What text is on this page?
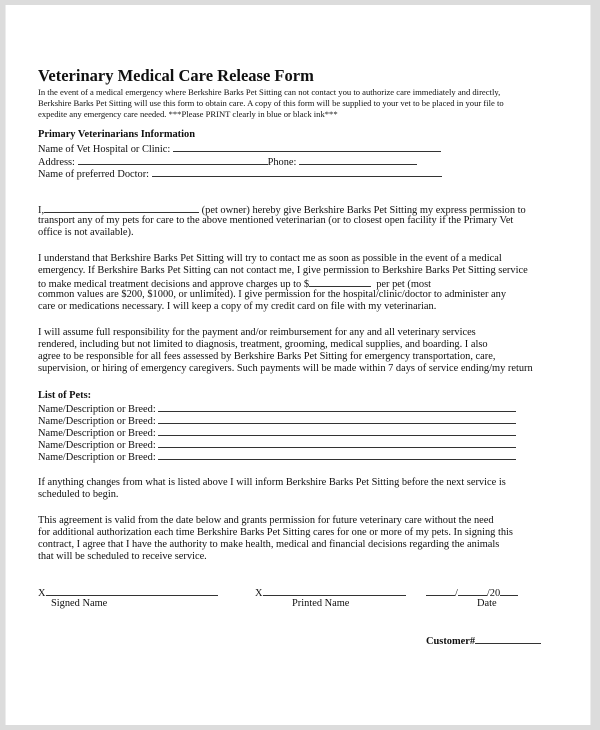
Veterinary Medical Care Release Form
In the event of a medical emergency where Berkshire Barks Pet Sitting can not contact you to authorize care immediately and directly,
Berkshire Barks Pet Sitting will use this form to obtain care. A copy of this form will be supplied to your vet to be placed in your file to
expedite any emergency care needed. ***Please PRINT clearly in blue or black ink***
Primary Veterinarians Information
Name of Vet Hospital or Clinic:
Address:	Phone:
Name of preferred Doctor:
I,	(pet owner) hereby give Berkshire Barks Pet Sitting my express permission to
transport any of my pets for care to the above mentioned veterinarian (or to closest open facility if the Primary Vet
office is not available).
I understand that Berkshire Barks Pet Sitting will try to contact me as soon as possible in the event of a medical
emergency. If Berkshire Barks Pet Sitting can not contact me, I give permission to Berkshire Barks Pet Sitting service
to make medical treatment decisions and approve charges up to $	per pet (most
common values are $200, $1000, or unlimited). I give permission for the hospital/clinic/doctor to administer any
care or medications necessary. I will keep a copy of my credit card on file with my veterinarian.
I will assume full responsibility for the payment and/or reimbursement for any and all veterinary services
rendered, including but not limited to diagnosis, treatment, grooming, medical supplies, and boarding. I also
agree to be responsible for all fees assessed by Berkshire Barks Pet Sitting for emergency transportation, care,
supervision, or hiring of emergency caregivers. Such payments will be made within 7 days of service ending/my return
List of Pets:
Name/Description or Breed:
Name/Description or Breed:
Name/Description or Breed:
Name/Description or Breed:
Name/Description or Breed:
If anything changes from what is listed above I will inform Berkshire Barks Pet Sitting before the next service is
scheduled to begin.
This agreement is valid from the date below and grants permission for future veterinary care without the need
for additional authorization each time Berkshire Barks Pet Sitting cares for one or more of my pets. In signing this
contract, I agree that I have the authority to make health, medical and financial decisions regarding the animals
that will be scheduled to receive service.
X
Signed Name
X
Printed Name
/	/20
Date
Customer#
